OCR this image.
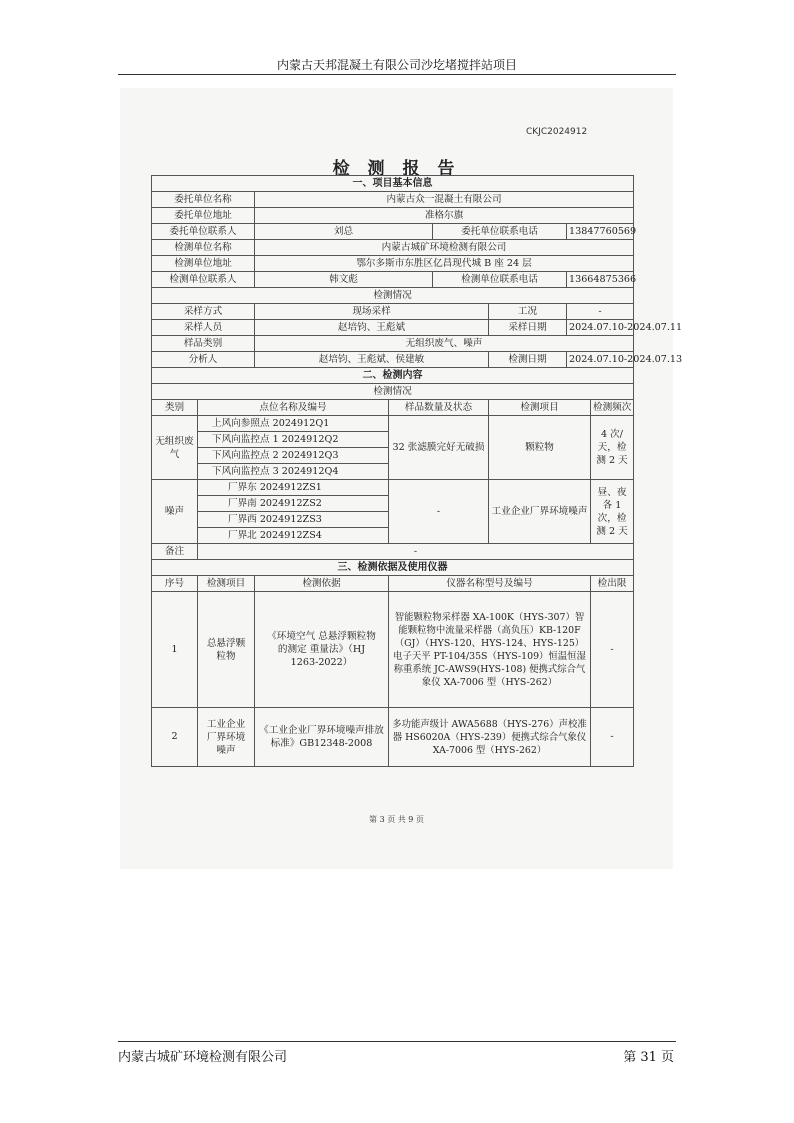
内蒙古天邦混凝土有限公司沙圪堵搅拌站项目
CKJC2024912
检 测 报 告
一、项目基本信息							
委托单位名称		内蒙古众一混凝土有限公司					
委托单位地址		准格尔旗					
委托单位联系人		刘总		委托单位联系电话		13847760569	
检测单位名称		内蒙古城矿环境检测有限公司					
检测单位地址		鄂尔多斯市东胜区亿昌现代城 B 座 24 层					
检测单位联系人		韩文彪		检测单位联系电话		13664875366	
检测情况							
采样方式		现场采样			工况	-	
采样人员		赵培钧、王彪斌			采样日期	2024.07.10-2024.07.11	
样品类别		无组织废气、噪声					
分析人		赵培钧、王彪斌、侯建敏			检测日期	2024.07.10-2024.07.13	
二、检测内容							
检测情况							
类别	点位名称及编号		样品数量及状态		检测项目		检测频次
无组织废气	上风向参照点 2024912Q1		32 张滤膜完好无破损		颗粒物		4 次/天，检测 2 天
	下风向监控点 1 2024912Q2						
	下风向监控点 2 2024912Q3						
	下风向监控点 3 2024912Q4						
噪声	厂界东 2024912ZS1		-		工业企业厂界环境噪声		昼、夜各 1 次，检测 2 天
	厂界南 2024912ZS2						
	厂界西 2024912ZS3						
	厂界北 2024912ZS4						
备注	-						
三、检测依据及使用仪器							
序号	检测项目	检测依据	仪器名称型号及编号				检出限
1	总悬浮颗粒物	《环境空气 总悬浮颗粒物的测定 重量法》（HJ 1263-2022）	智能颗粒物采样器 XA-100K（HYS-307）智能颗粒物中流量采样器（高负压）KB-120F（GJ）（HYS-120、HYS-124、HYS-125）电子天平 PT-104/35S（HYS-109）恒温恒湿称重系统 JC-AWS9(HYS-108) 便携式综合气象仪 XA-7006 型（HYS-262）				-
2	工业企业厂界环境噪声	《工业企业厂界环境噪声排放标准》GB12348-2008	多功能声级计 AWA5688（HYS-276）声校准器 HS6020A（HYS-239）便携式综合气象仪 XA-7006 型（HYS-262）				-
第 3 页 共 9 页
内蒙古城矿环境检测有限公司	第 31 页
